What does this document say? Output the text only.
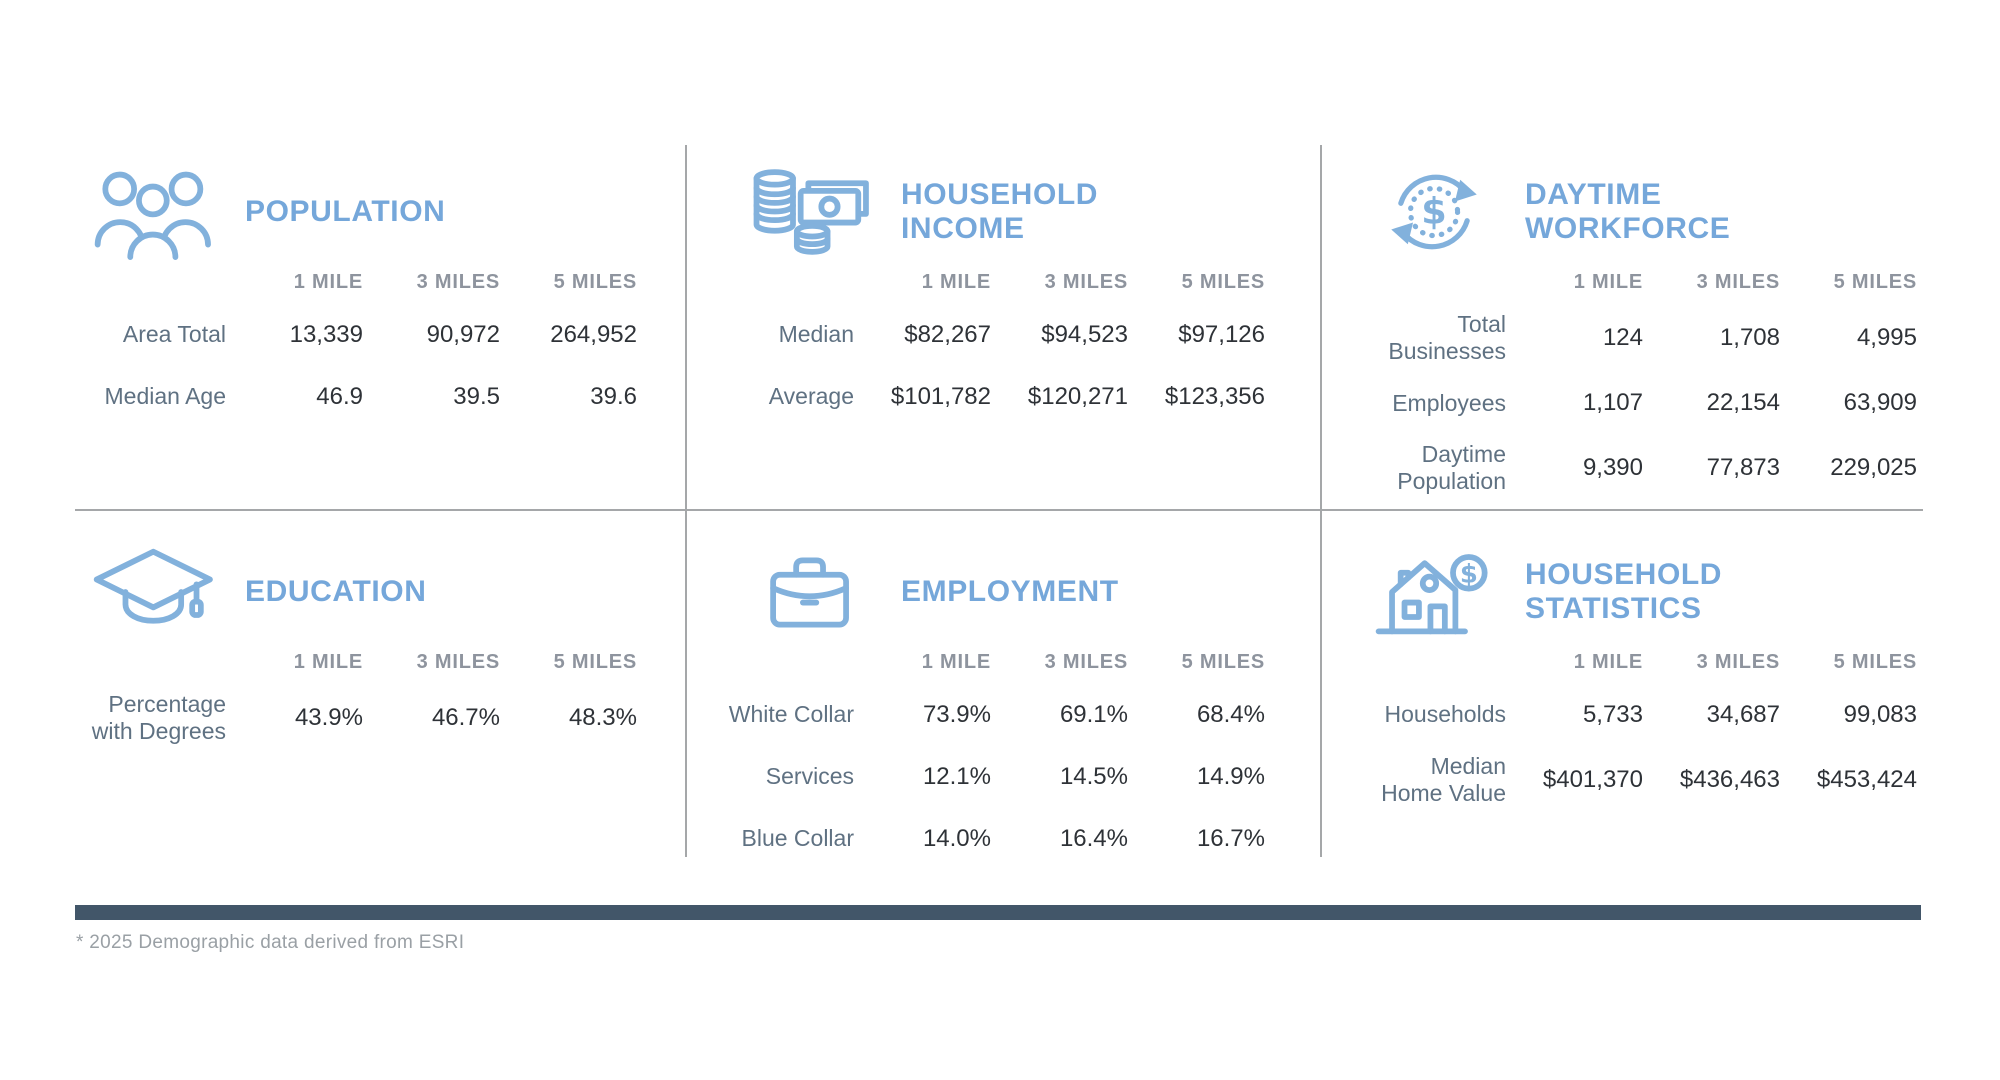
POPULATION
1 MILE	3 MILES	5 MILES
Area Total	13,339	90,972	264,952
Median Age	46.9	39.5	39.6
HOUSEHOLD INCOME
1 MILE	3 MILES	5 MILES
Median	$82,267	$94,523	$97,126
Average	$101,782	$120,271	$123,356
$	DAYTIME WORKFORCE
1 MILE	3 MILES	5 MILES
Total Businesses	124	1,708	4,995
Employees	1,107	22,154	63,909
Daytime Population	9,390	77,873	229,025
EDUCATION
1 MILE	3 MILES	5 MILES
Percentage with Degrees	43.9%	46.7%	48.3%
EMPLOYMENT
1 MILE	3 MILES	5 MILES
White Collar	73.9%	69.1%	68.4%
Services	12.1%	14.5%	14.9%
Blue Collar	14.0%	16.4%	16.7%
$ HOUSEHOLD STATISTICS
1 MILE	3 MILES	5 MILES
Households	5,733	34,687	99,083
Median Home Value	$401,370	$436,463	$453,424
* 2025 Demographic data derived from ESRI
